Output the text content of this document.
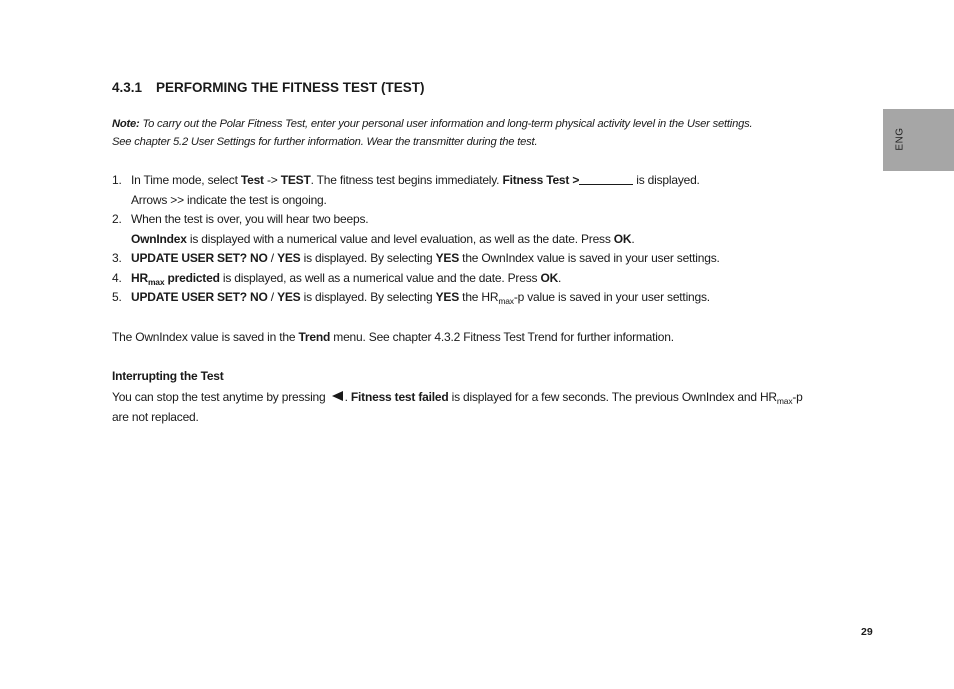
4.3.1 PERFORMING THE FITNESS TEST (TEST)
Note: To carry out the Polar Fitness Test, enter your personal user information and long-term physical activity level in the User settings.
See chapter 5.2 User Settings for further information. Wear the transmitter during the test.
1. In Time mode, select Test -> TEST. The fitness test begins immediately. Fitness Test >	is displayed.
Arrows >> indicate the test is ongoing.
2. When the test is over, you will hear two beeps.
OwnIndex is displayed with a numerical value and level evaluation, as well as the date. Press OK.
3. UPDATE USER SET? NO / YES is displayed. By selecting YES the OwnIndex value is saved in your user settings.
4. $HR_{max}$ predicted is displayed, as well as a numerical value and the date. Press OK.
5. UPDATE USER SET? NO / YES is displayed. By selecting YES the $HR_{max}-p$ value is saved in your user settings.
The OwnIndex value is saved in the Trend menu. See chapter 4.3.2 Fitness Test Trend for further information.
Interrupting the Test
You can stop the test anytime by pressing . Fitness test failed is displayed for a few seconds. The previous OwnIndex and $HR_{max}-p$
are not replaced.
ENG
29
